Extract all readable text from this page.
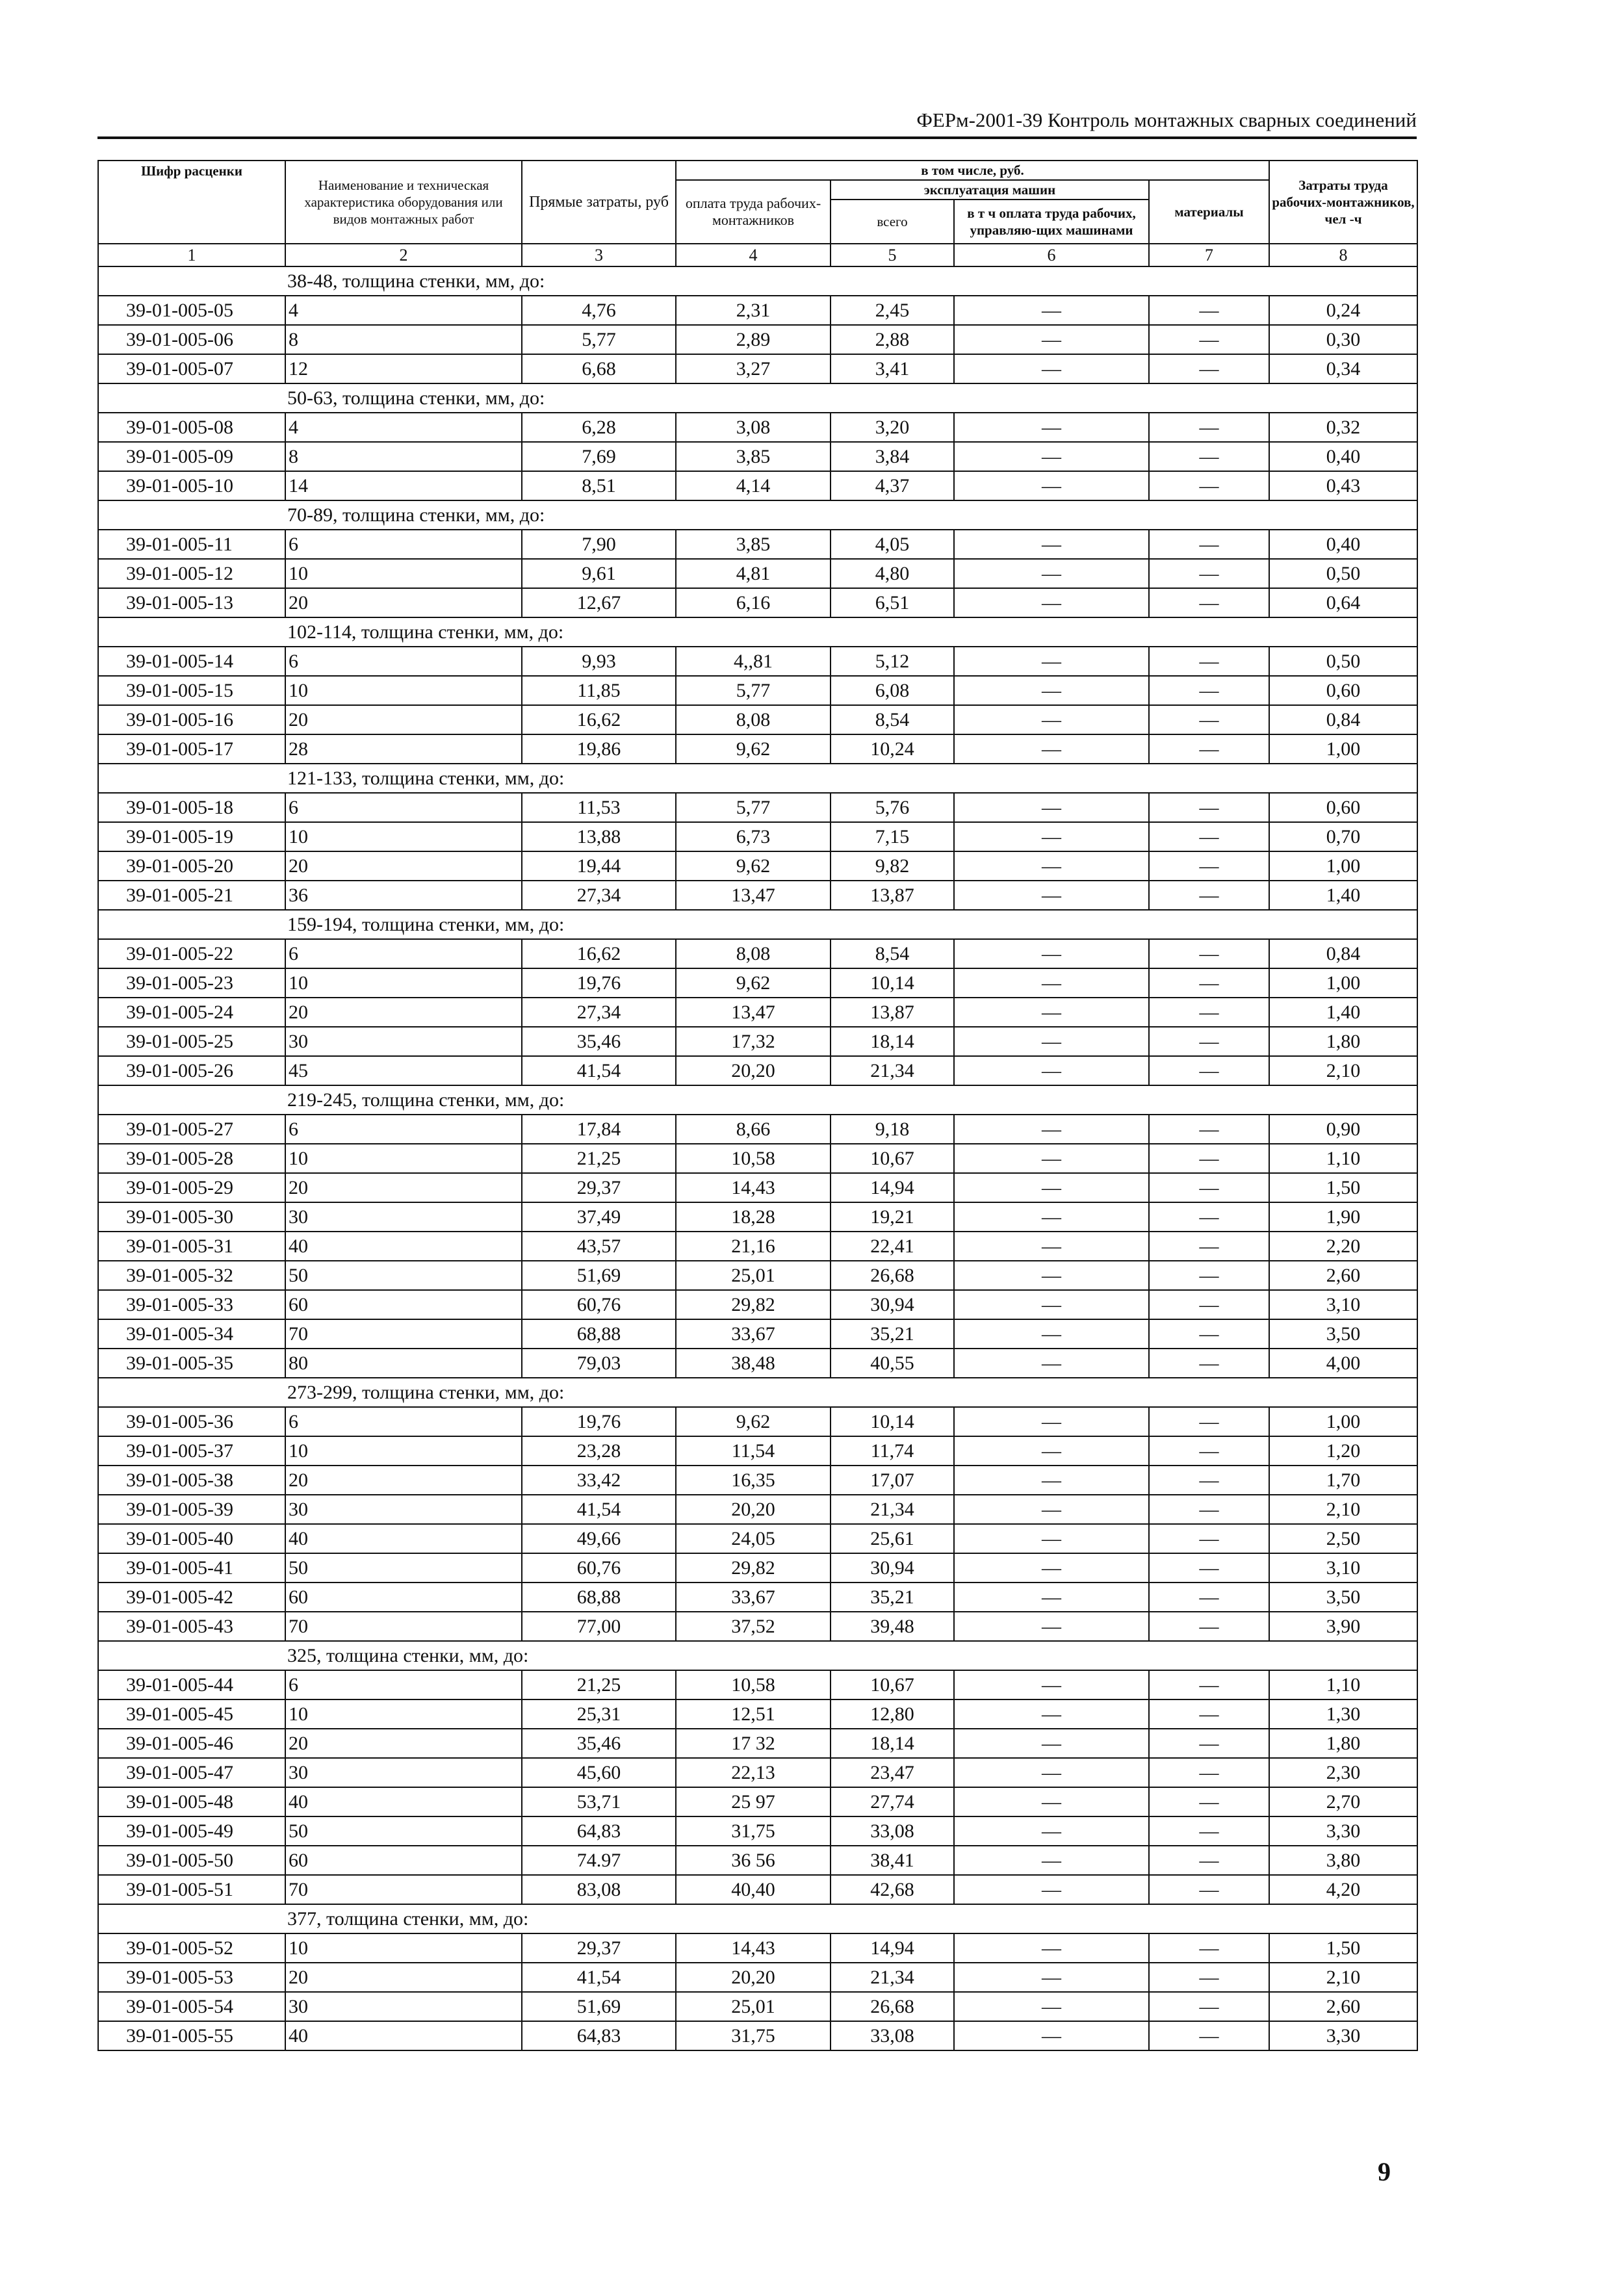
ФЕРм-2001-39 Контроль монтажных сварных соединений
Шифр расценки	Наименование и техническая характеристика оборудования или видов монтажных работ	Прямые затраты, руб	в том числе, руб.				Затраты труда рабочих-монтажников, чел -ч
			оплата труда рабочих-монтажников	эксплуатация машин		материалы	
				всего	в т ч оплата труда рабочих, управляю-щих машинами		

1	2	3	4	5	6	7	8
38-48, толщина стенки, мм, до:							
39-01-005-05	4	4,76	2,31	2,45	—	—	0,24
39-01-005-06	8	5,77	2,89	2,88	—	—	0,30
39-01-005-07	12	6,68	3,27	3,41	—	—	0,34
50-63, толщина стенки, мм, до:							
39-01-005-08	4	6,28	3,08	3,20	—	—	0,32
39-01-005-09	8	7,69	3,85	3,84	—	—	0,40
39-01-005-10	14	8,51	4,14	4,37	—	—	0,43
70-89, толщина стенки, мм, до:							
39-01-005-11	6	7,90	3,85	4,05	—	—	0,40
39-01-005-12	10	9,61	4,81	4,80	—	—	0,50
39-01-005-13	20	12,67	6,16	6,51	—	—	0,64
102-114, толщина стенки, мм, до:							
39-01-005-14	6	9,93	4,,81	5,12	—	—	0,50
39-01-005-15	10	11,85	5,77	6,08	—	—	0,60
39-01-005-16	20	16,62	8,08	8,54	—	—	0,84
39-01-005-17	28	19,86	9,62	10,24	—	—	1,00
121-133, толщина стенки, мм, до:							
39-01-005-18	6	11,53	5,77	5,76	—	—	0,60
39-01-005-19	10	13,88	6,73	7,15	—	—	0,70
39-01-005-20	20	19,44	9,62	9,82	—	—	1,00
39-01-005-21	36	27,34	13,47	13,87	—	—	1,40
159-194, толщина стенки, мм, до:							
39-01-005-22	6	16,62	8,08	8,54	—	—	0,84
39-01-005-23	10	19,76	9,62	10,14	—	—	1,00
39-01-005-24	20	27,34	13,47	13,87	—	—	1,40
39-01-005-25	30	35,46	17,32	18,14	—	—	1,80
39-01-005-26	45	41,54	20,20	21,34	—	—	2,10
219-245, толщина стенки, мм, до:							
39-01-005-27	6	17,84	8,66	9,18	—	—	0,90
39-01-005-28	10	21,25	10,58	10,67	—	—	1,10
39-01-005-29	20	29,37	14,43	14,94	—	—	1,50
39-01-005-30	30	37,49	18,28	19,21	—	—	1,90
39-01-005-31	40	43,57	21,16	22,41	—	—	2,20
39-01-005-32	50	51,69	25,01	26,68	—	—	2,60
39-01-005-33	60	60,76	29,82	30,94	—	—	3,10
39-01-005-34	70	68,88	33,67	35,21	—	—	3,50
39-01-005-35	80	79,03	38,48	40,55	—	—	4,00
273-299, толщина стенки, мм, до:							
39-01-005-36	6	19,76	9,62	10,14	—	—	1,00
39-01-005-37	10	23,28	11,54	11,74	—	—	1,20
39-01-005-38	20	33,42	16,35	17,07	—	—	1,70
39-01-005-39	30	41,54	20,20	21,34	—	—	2,10
39-01-005-40	40	49,66	24,05	25,61	—	—	2,50
39-01-005-41	50	60,76	29,82	30,94	—	—	3,10
39-01-005-42	60	68,88	33,67	35,21	—	—	3,50
39-01-005-43	70	77,00	37,52	39,48	—	—	3,90
325, толщина стенки, мм, до:							
39-01-005-44	6	21,25	10,58	10,67	—	—	1,10
39-01-005-45	10	25,31	12,51	12,80	—	—	1,30
39-01-005-46	20	35,46	17 32	18,14	—	—	1,80
39-01-005-47	30	45,60	22,13	23,47	—	—	2,30
39-01-005-48	40	53,71	25 97	27,74	—	—	2,70
39-01-005-49	50	64,83	31,75	33,08	—	—	3,30
39-01-005-50	60	74.97	36 56	38,41	—	—	3,80
39-01-005-51	70	83,08	40,40	42,68	—	—	4,20
377, толщина стенки, мм, до:							
39-01-005-52	10	29,37	14,43	14,94	—	—	1,50
39-01-005-53	20	41,54	20,20	21,34	—	—	2,10
39-01-005-54	30	51,69	25,01	26,68	—	—	2,60
39-01-005-55	40	64,83	31,75	33,08	—	—	3,30
9
